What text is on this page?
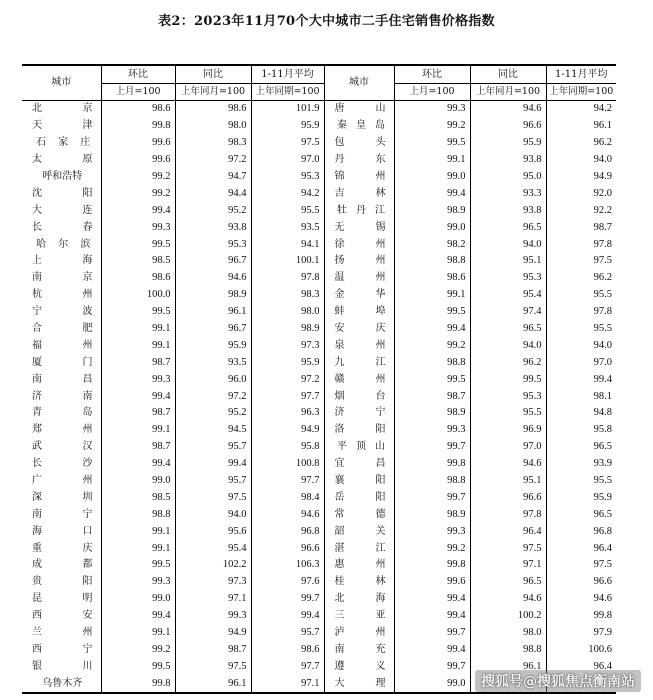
表2：2023年11月70个大中城市二手住宅销售价格指数
城市	环比	同比	1-11月平均	城市	环比	同比	1-11月平均
	上月=100	上年同月=100	上年同期=100		上月=100	上年同月=100	上年同期=100

北 京	98.6	98.6	101.9	唐 山	99.3	94.6	94.2

天 津	99.8	98.0	95.9	秦 皇 岛	99.2	96.6	96.1

石 家 庄	99.6	98.3	97.5	包 头	99.5	95.9	96.2

太 原	99.6	97.2	97.0	丹 东	99.1	93.8	94.0

呼 和 浩 特	99.2	94.7	95.3	锦 州	99.0	95.0	94.9

沈 阳	99.2	94.4	94.2	吉 林	99.4	93.3	92.0

大 连	99.4	95.2	95.5	牡 丹 江	98.9	93.8	92.2

长 春	99.3	93.8	93.5	无 锡	99.0	96.5	98.7

哈 尔 滨	99.5	95.3	94.1	徐 州	98.2	94.0	97.8

上 海	98.5	96.7	100.1	扬 州	98.8	95.1	97.5

南 京	98.6	94.6	97.8	温 州	98.6	95.3	96.2

杭 州	100.0	98.9	98.3	金 华	99.1	95.4	95.5

宁 波	99.5	96.1	98.0	蚌 埠	99.5	97.4	97.8

合 肥	99.1	96.7	98.9	安 庆	99.4	96.5	95.5

福 州	99.1	95.9	97.3	泉 州	99.2	94.0	94.0

厦 门	98.7	93.5	95.9	九 江	98.8	96.2	97.0

南 昌	99.3	96.0	97.2	赣 州	99.5	99.5	99.4

济 南	99.4	97.2	97.7	烟 台	98.7	95.3	98.1

青 岛	98.7	95.2	96.3	济 宁	98.9	95.5	94.8

郑 州	99.1	94.5	94.9	洛 阳	99.3	96.9	95.8

武 汉	98.7	95.7	95.8	平 顶 山	99.7	97.0	96.5

长 沙	99.4	99.4	100.8	宜 昌	99.8	94.6	93.9

广 州	99.0	95.7	97.7	襄 阳	98.8	95.1	95.5

深 圳	98.5	97.5	98.4	岳 阳	99.7	96.6	95.9

南 宁	98.8	94.0	94.6	常 德	98.9	97.8	96.5

海 口	99.1	95.6	96.8	韶 关	99.3	96.4	96.8

重 庆	99.1	95.4	96.6	湛 江	99.2	97.5	96.4

成 都	99.5	102.2	106.3	惠 州	99.8	97.1	97.5

贵 阳	99.3	97.3	97.6	桂 林	99.6	96.5	96.6

昆 明	99.0	97.1	99.7	北 海	99.4	94.6	94.6

西 安	99.4	99.3	99.4	三 亚	99.4	100.2	99.8

兰 州	99.1	94.9	95.7	泸 州	99.7	98.0	97.9

西 宁	99.2	98.7	98.6	南 充	99.4	98.8	100.6

银 川	99.5	97.5	97.7	遵 义	99.7	96.1	96.4

乌 鲁 木 齐	99.8	96.1	97.1	大 理	99.0			搜狐号@搜狐焦点衡南站
